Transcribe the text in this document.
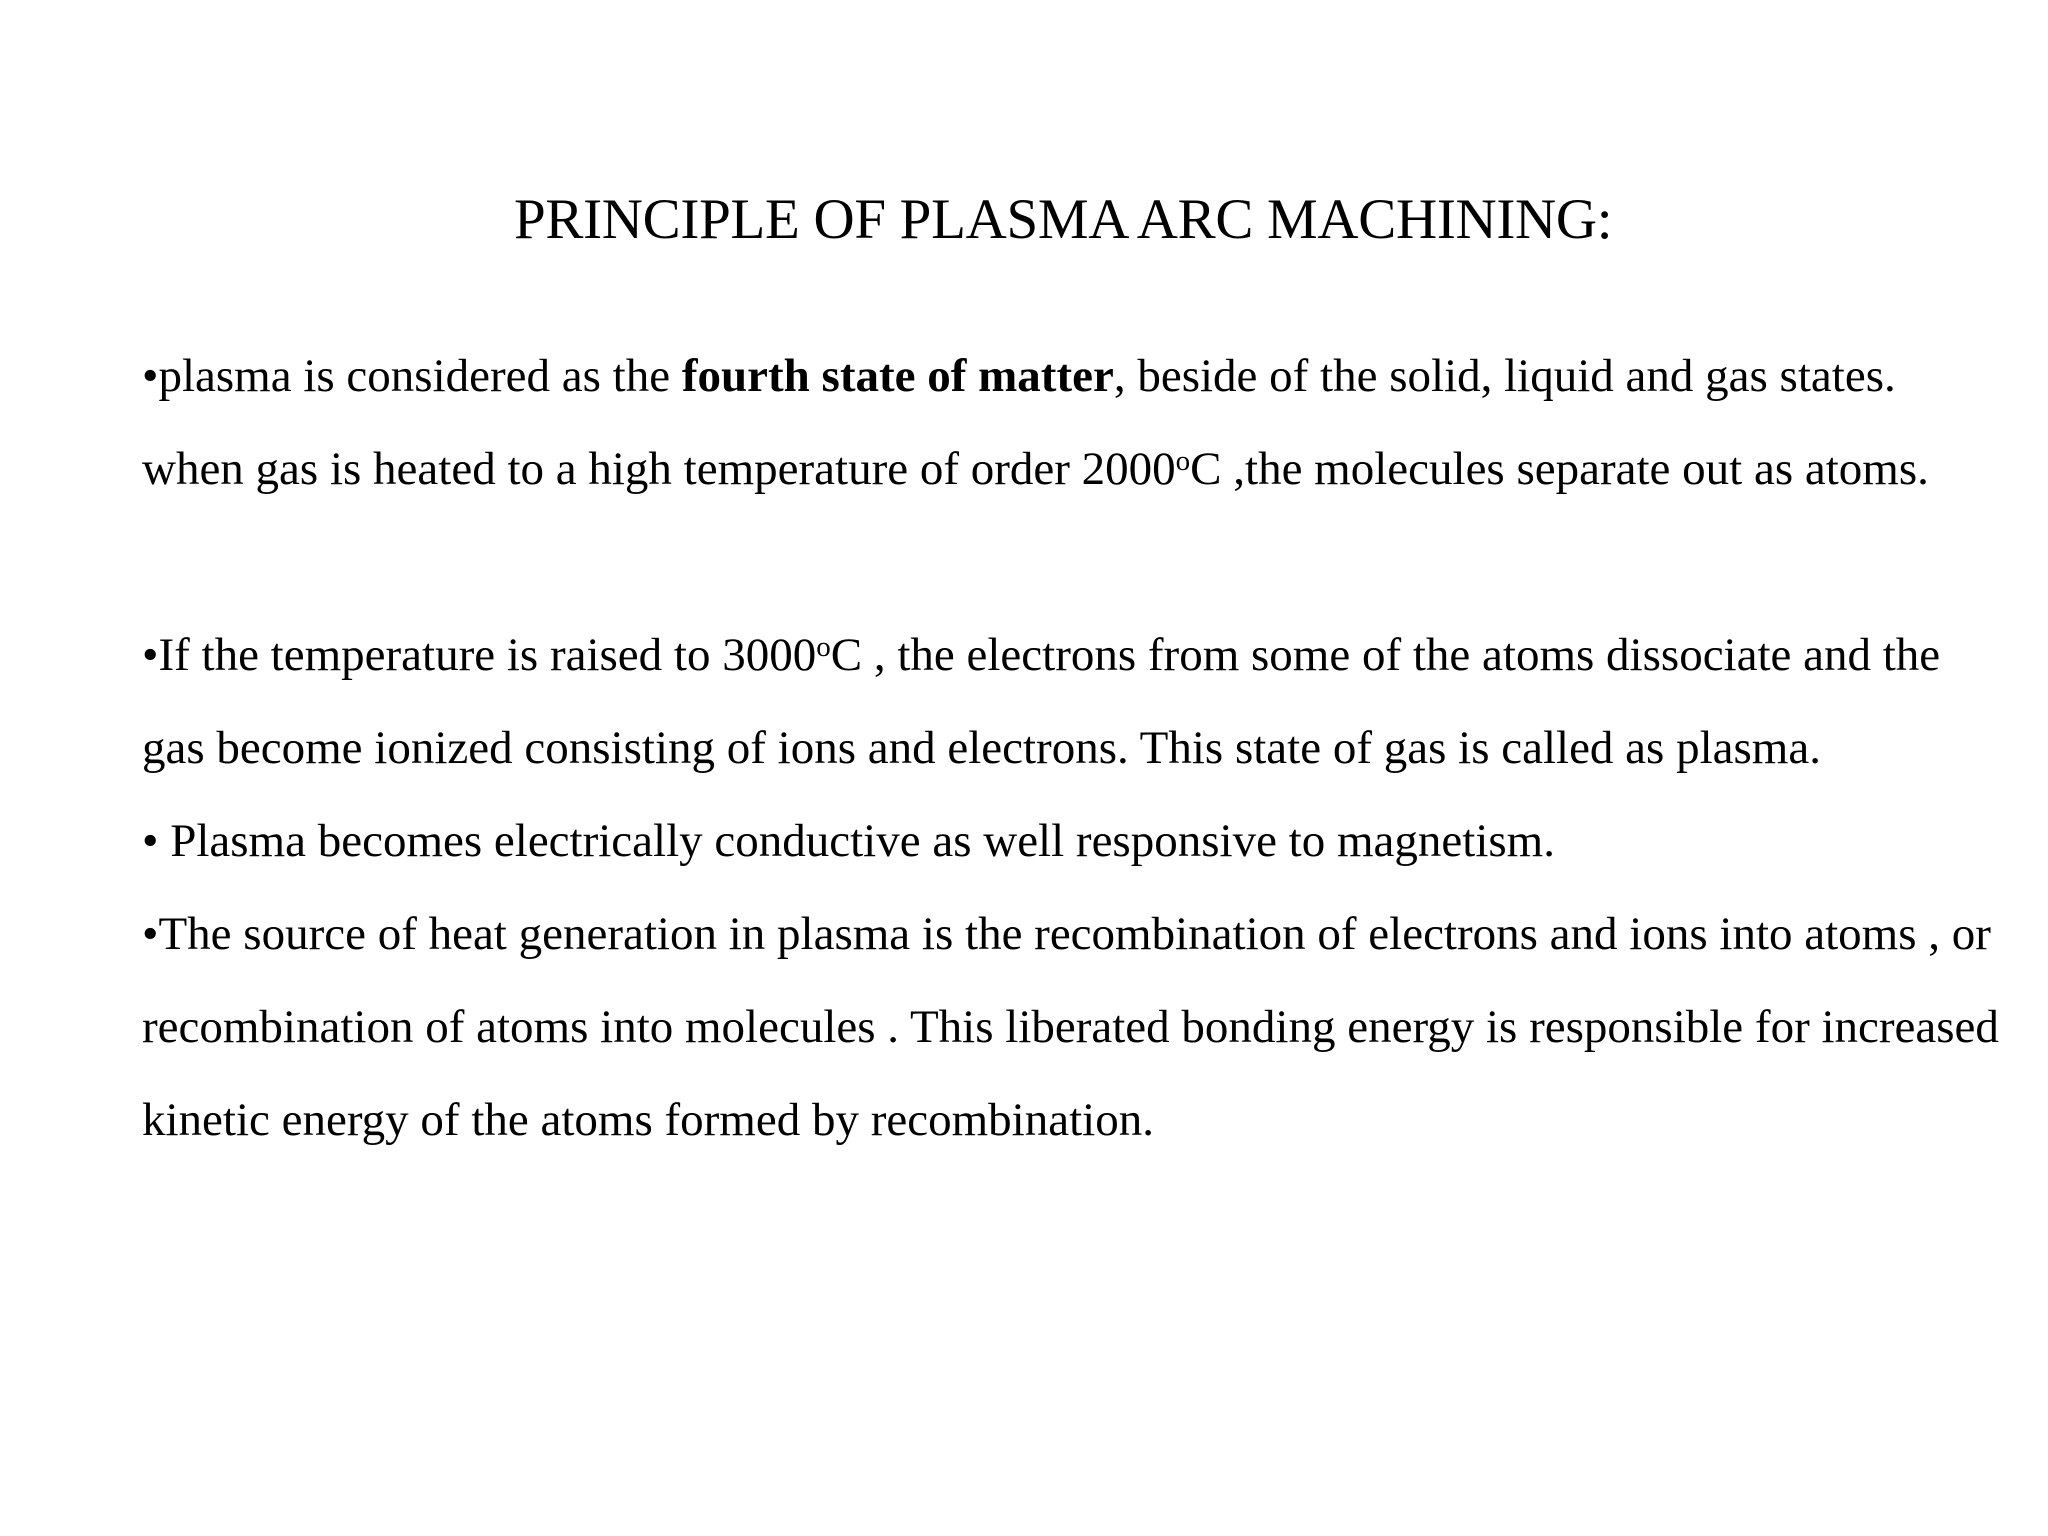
PRINCIPLE OF PLASMA ARC MACHINING:

•plasma is considered as the fourth state of matter, beside of the solid, liquid and gas states. when gas is heated to a high temperature of order 2000$^o$C ,the molecules separate out as atoms.

•If the temperature is raised to 3000$^o$C , the electrons from some of the atoms dissociate and the gas become ionized consisting of ions and electrons. This state of gas is called as plasma.

• Plasma becomes electrically conductive as well responsive to magnetism.

•The source of heat generation in plasma is the recombination of electrons and ions into atoms , or recombination of atoms into molecules . This liberated bonding energy is responsible for increased kinetic energy of the atoms formed by recombination.
